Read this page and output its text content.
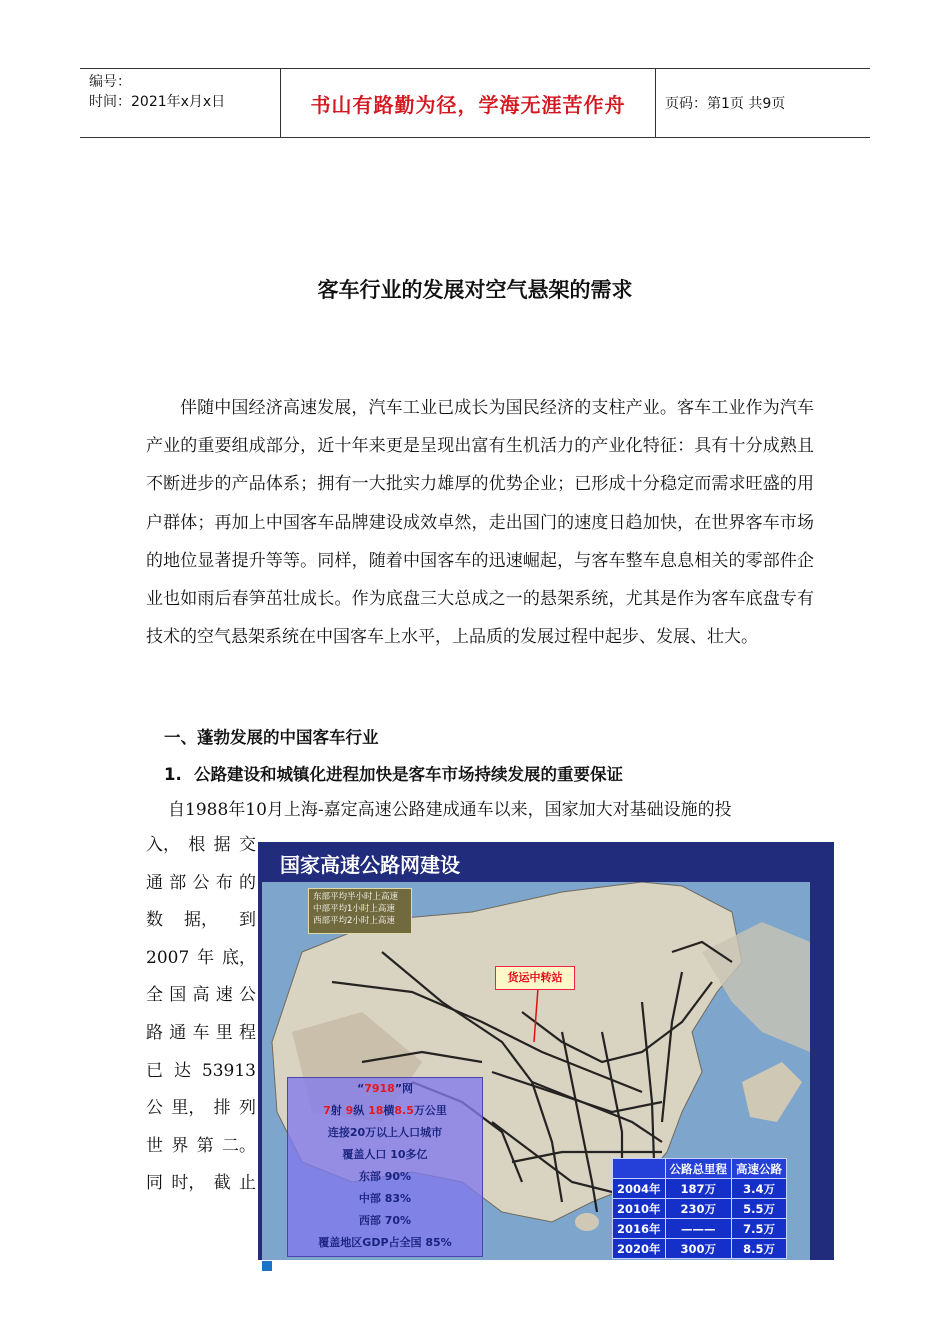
编号：
时间：2021年x月x日	书山有路勤为径，学海无涯苦作舟	页码：第1页 共9页
客车行业的发展对空气悬架的需求

伴随中国经济高速发展，汽车工业已成长为国民经济的支柱产业。客车工业作为汽车产业的重要组成部分，近十年来更是呈现出富有生机活力的产业化特征：具有十分成熟且不断进步的产品体系；拥有一大批实力雄厚的优势企业；已形成十分稳定而需求旺盛的用户群体；再加上中国客车品牌建设成效卓然，走出国门的速度日趋加快，在世界客车市场的地位显著提升等等。同样，随着中国客车的迅速崛起，与客车整车息息相关的零部件企业也如雨后春笋茁壮成长。作为底盘三大总成之一的悬架系统，尤其是作为客车底盘专有技术的空气悬架系统在中国客车上水平，上品质的发展过程中起步、发展、壮大。

一、蓬勃发展的中国客车行业
1. 公路建设和城镇化进程加快是客车市场持续发展的重要保证
自1988年10月上海-嘉定高速公路建成通车以来，国家加大对基础设施的投
入， 根 据 交
通 部 公 布 的
数 据， 到
2007 年 底，
全 国 高 速 公
路 通 车 里 程
已 达 53913
公 里， 排 列
世 界 第 二。
同 时， 截 止
国家高速公路网建设
东部平均半小时上高速
中部平均1小时上高速
西部平均2小时上高速
货运中转站
“7918”网
7射 9纵 18横8.5万公里
连接20万以上人口城市
覆盖人口 10多亿
东部 90%
中部 83%
西部 70%
覆盖地区GDP占全国 85%
	公路总里程	高速公路
2004年	187万	3.4万
2010年	230万	5.5万
2016年	———	7.5万
2020年	300万	8.5万
